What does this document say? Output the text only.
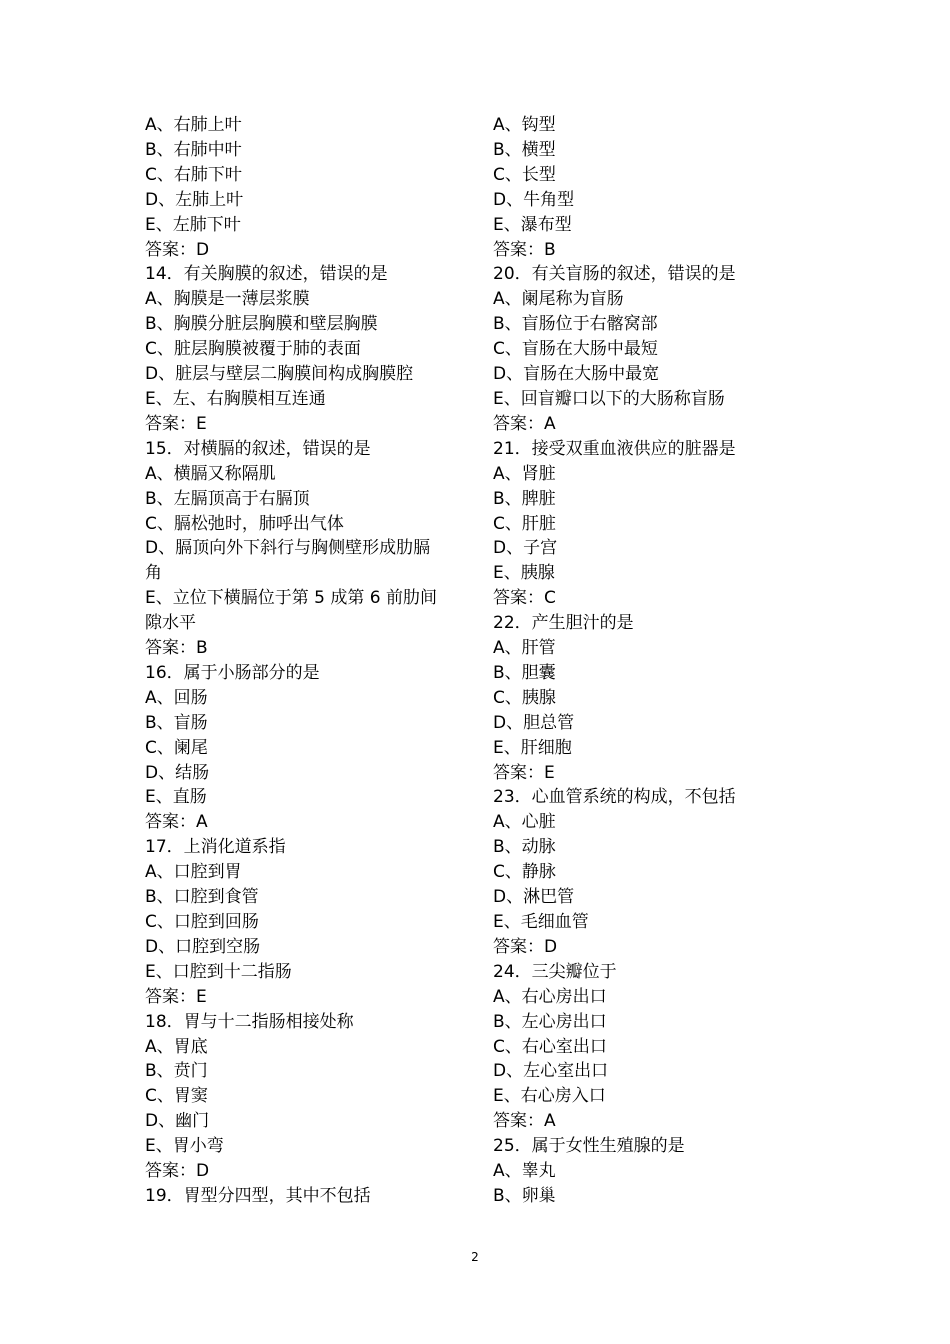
A、右肺上叶
B、右肺中叶
C、右肺下叶
D、左肺上叶
E、左肺下叶
答案：D
14．有关胸膜的叙述，错误的是
A、胸膜是一薄层浆膜
B、胸膜分脏层胸膜和壁层胸膜
C、脏层胸膜被覆于肺的表面
D、脏层与壁层二胸膜间构成胸膜腔
E、左、右胸膜相互连通
答案：E
15．对横膈的叙述，错误的是
A、横膈又称隔肌
B、左膈顶高于右膈顶
C、膈松弛时，肺呼出气体
D、膈顶向外下斜行与胸侧壁形成肋膈
角
E、立位下横膈位于第 5 成第 6 前肋间
隙水平
答案：B
16．属于小肠部分的是
A、回肠
B、盲肠
C、阑尾
D、结肠
E、直肠
答案：A
17．上消化道系指
A、口腔到胃
B、口腔到食管
C、口腔到回肠
D、口腔到空肠
E、口腔到十二指肠
答案：E
18．胃与十二指肠相接处称
A、胃底
B、贲门
C、胃窦
D、幽门
E、胃小弯
答案：D
19．胃型分四型，其中不包括
A、钩型
B、横型
C、长型
D、牛角型
E、瀑布型
答案：B
20．有关盲肠的叙述，错误的是
A、阑尾称为盲肠
B、盲肠位于右髂窝部
C、盲肠在大肠中最短
D、盲肠在大肠中最宽
E、回盲瓣口以下的大肠称盲肠
答案：A
21．接受双重血液供应的脏器是
A、肾脏
B、脾脏
C、肝脏
D、子宫
E、胰腺
答案：C
22．产生胆汁的是
A、肝管
B、胆囊
C、胰腺
D、胆总管
E、肝细胞
答案：E
23．心血管系统的构成，不包括
A、心脏
B、动脉
C、静脉
D、淋巴管
E、毛细血管
答案：D
24．三尖瓣位于
A、右心房出口
B、左心房出口
C、右心室出口
D、左心室出口
E、右心房入口
答案：A
25．属于女性生殖腺的是
A、睾丸
B、卵巢
2
